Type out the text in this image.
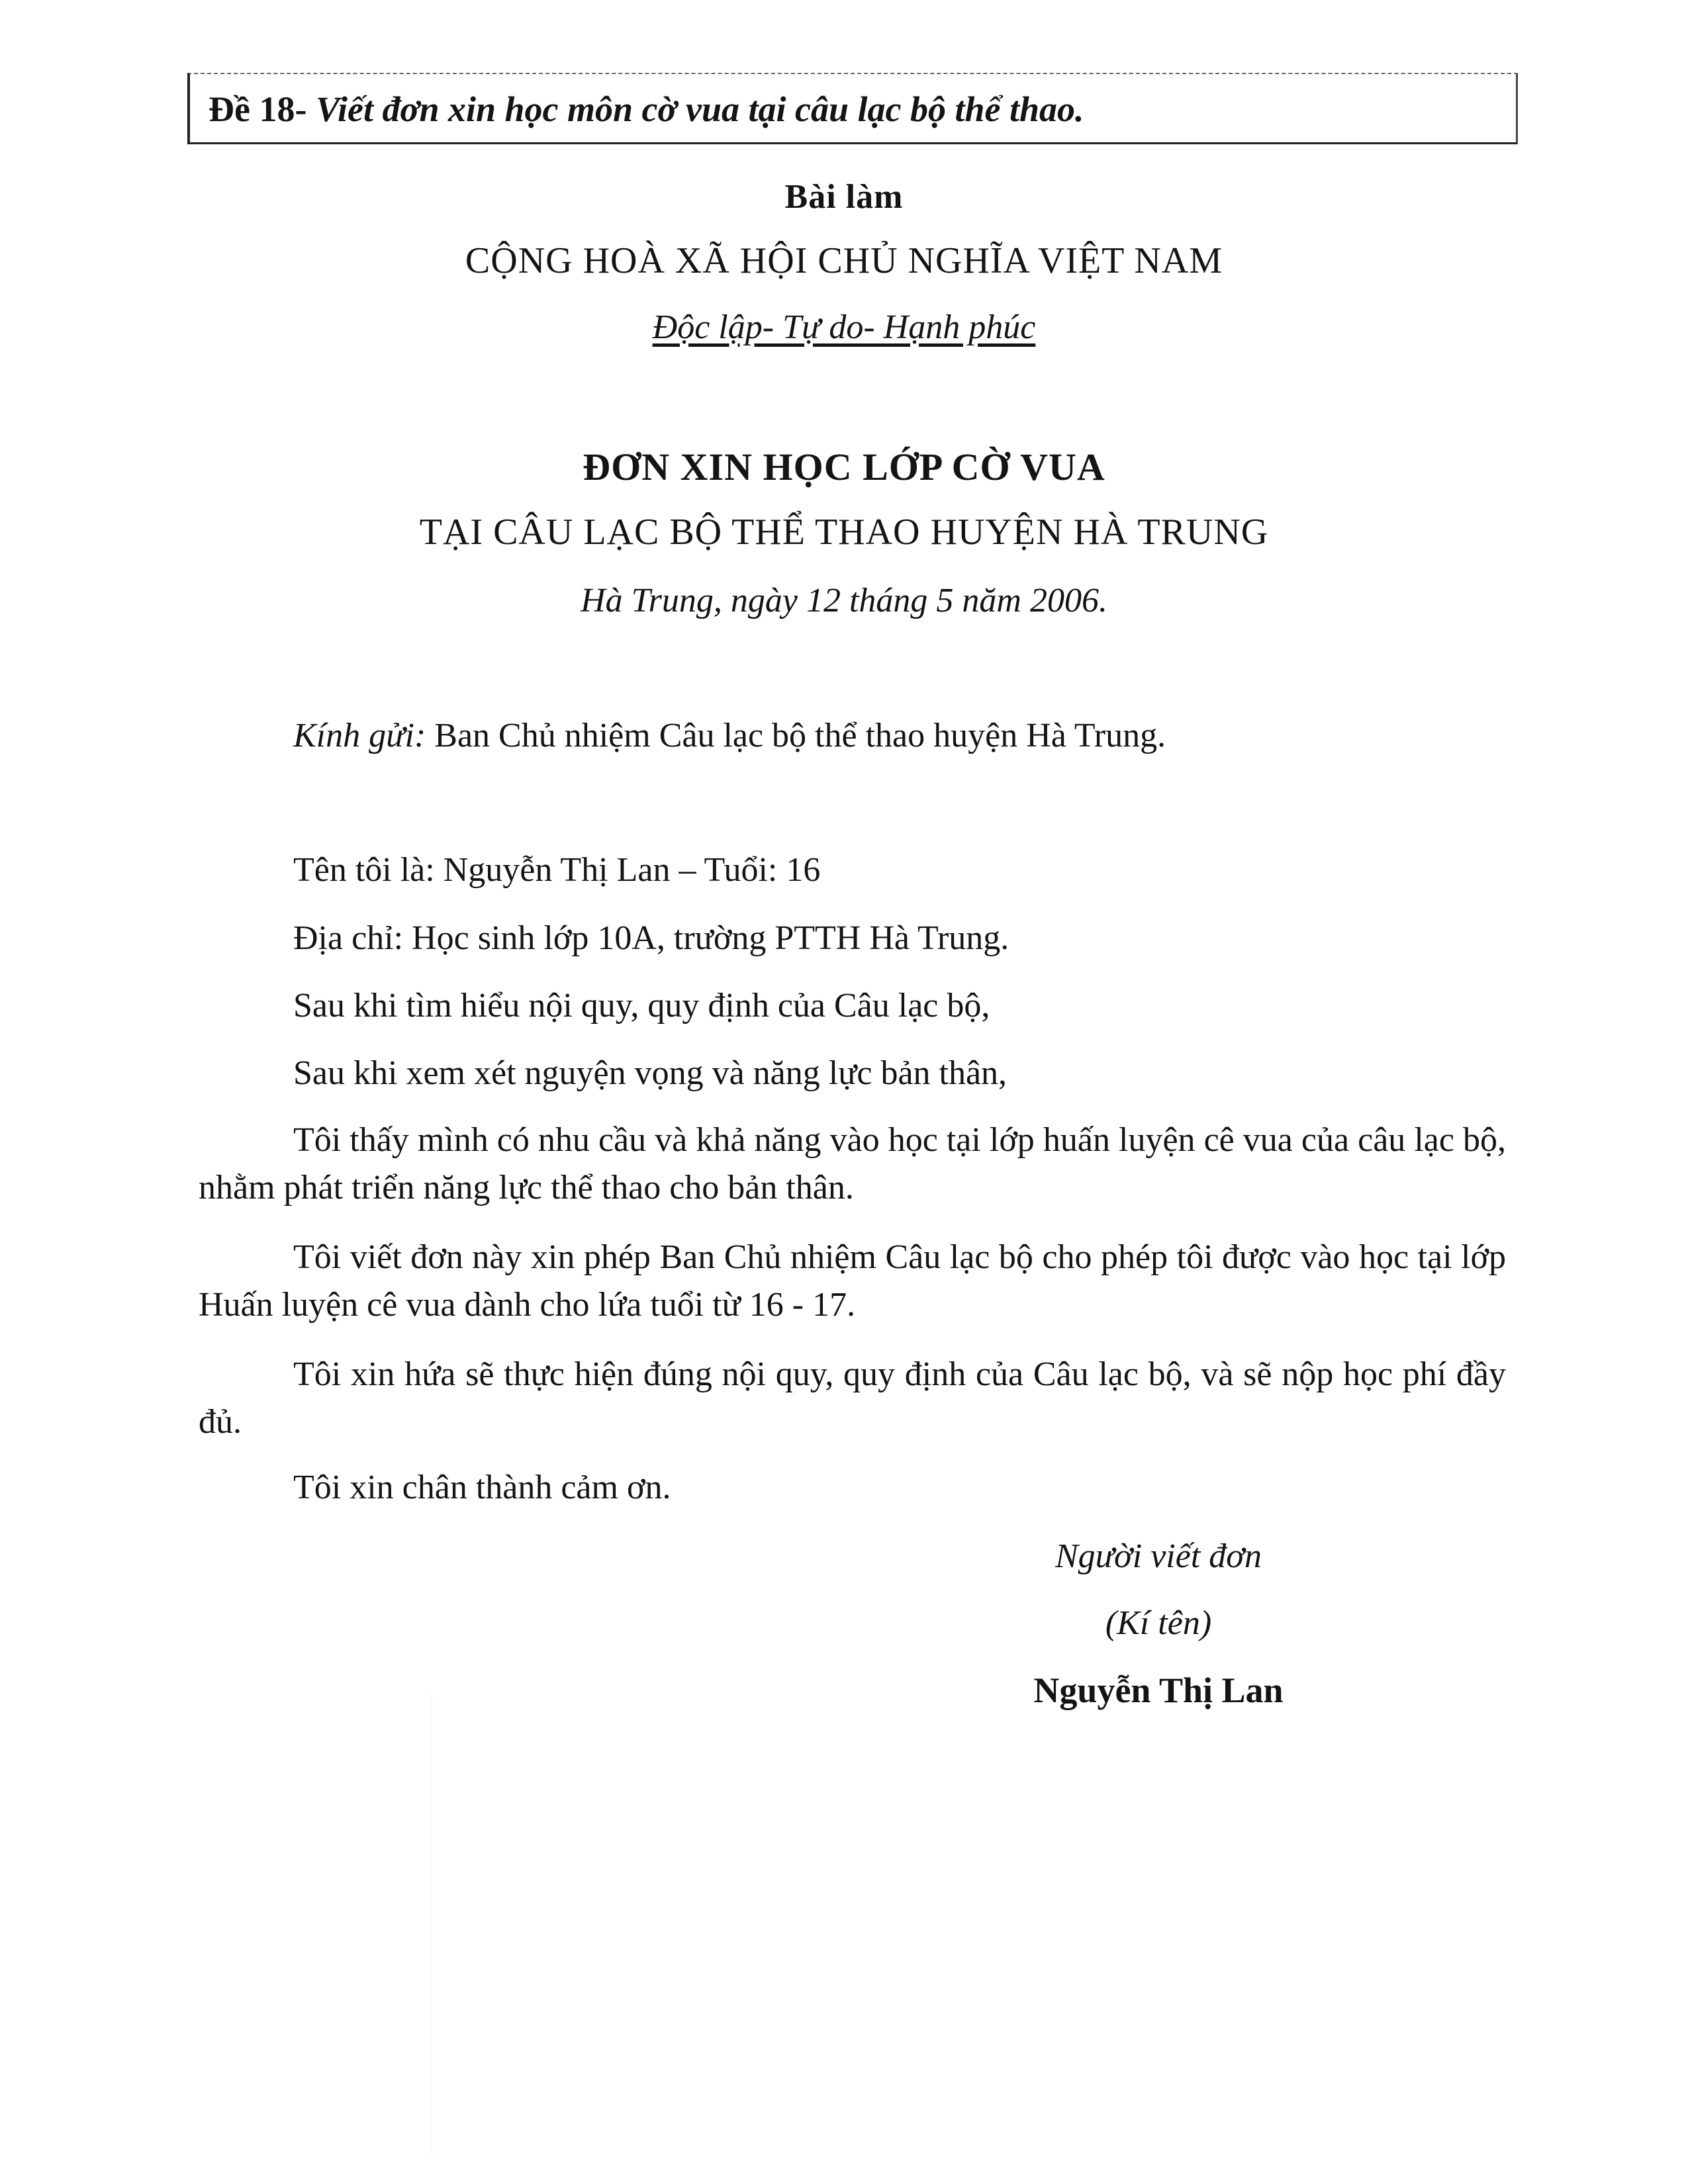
Đề 18- Viết đơn xin học môn cờ vua tại câu lạc bộ thể thao.
Bài làm
CỘNG HOÀ XÃ HỘI CHỦ NGHĨA VIỆT NAM
Độc lập- Tự do- Hạnh phúc
ĐƠN XIN HỌC LỚP CỜ VUA
TẠI CÂU LẠC BỘ THỂ THAO HUYỆN HÀ TRUNG
Hà Trung, ngày 12 tháng 5 năm 2006.
Kính gửi: Ban Chủ nhiệm Câu lạc bộ thể thao huyện Hà Trung.
Tên tôi là: Nguyễn Thị Lan – Tuổi: 16
Địa chỉ: Học sinh lớp 10A, trường PTTH Hà Trung.
Sau khi tìm hiểu nội quy, quy định của Câu lạc bộ,
Sau khi xem xét nguyện vọng và năng lực bản thân,
Tôi thấy mình có nhu cầu và khả năng vào học tại lớp huấn luyện cê vua của câu lạc bộ, nhằm phát triển năng lực thể thao cho bản thân.
Tôi viết đơn này xin phép Ban Chủ nhiệm Câu lạc bộ cho phép tôi được vào học tại lớp Huấn luyện cê vua dành cho lứa tuổi từ 16 - 17.
Tôi xin hứa sẽ thực hiện đúng nội quy, quy định của Câu lạc bộ, và sẽ nộp học phí đầy đủ.
Tôi xin chân thành cảm ơn.
Người viết đơn
(Kí tên)
Nguyễn Thị Lan
